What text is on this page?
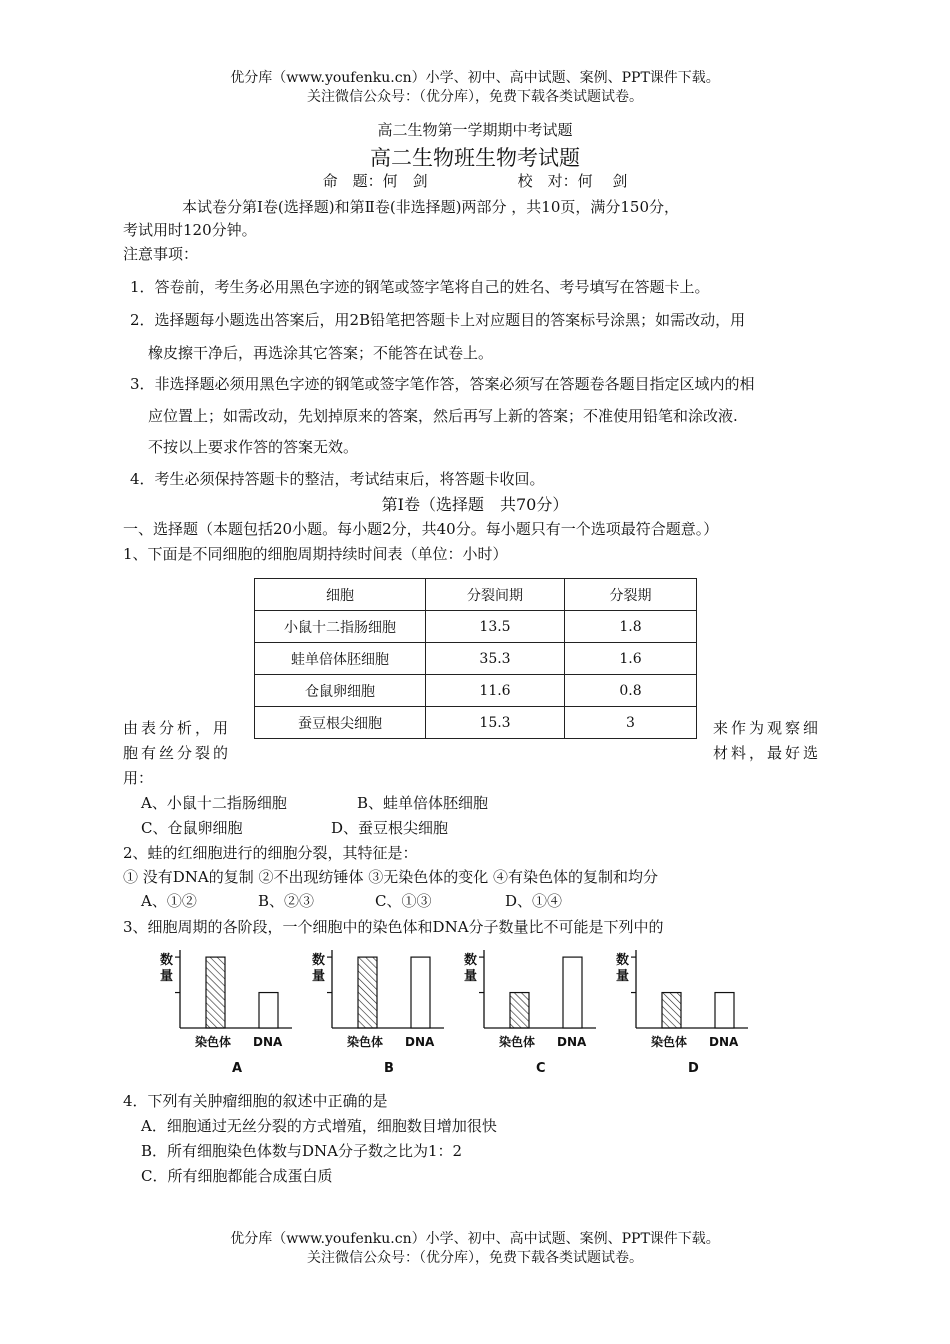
优分库（www.youfenku.cn）小学、初中、高中试题、案例、PPT课件下载。
关注微信公众号：（优分库），免费下载各类试题试卷。
高二生物第一学期期中考试题
高二生物班生物考试题
命　题：何　剑　　　　　　校　对：何　 剑
本试卷分第Ⅰ卷(选择题)和第Ⅱ卷(非选择题)两部分 ，共10页，满分150分，
考试用时120分钟。
注意事项：
1．答卷前，考生务必用黑色字迹的钢笔或签字笔将自己的姓名、考号填写在答题卡上。
2．选择题每小题选出答案后，用2B铅笔把答题卡上对应题目的答案标号涂黑；如需改动，用
橡皮擦干净后，再选涂其它答案；不能答在试卷上。
3．非选择题必须用黑色字迹的钢笔或签字笔作答，答案必须写在答题卷各题目指定区域内的相
应位置上；如需改动，先划掉原来的答案，然后再写上新的答案；不准使用铅笔和涂改液.
不按以上要求作答的答案无效。
4．考生必须保持答题卡的整洁，考试结束后，将答题卡收回。
第Ⅰ卷（选择题　共70分）
一、选择题（本题包括20小题。每小题2分，共40分。每小题只有一个选项最符合题意。）
1、下面是不同细胞的细胞周期持续时间表（单位：小时）
细胞	分裂间期	分裂期
小鼠十二指肠细胞	13.5	1.8
蛙单倍体胚细胞	35.3	1.6
仓鼠卵细胞	11.6	0.8
蚕豆根尖细胞	15.3	3
由表分析，用
胞有丝分裂的
来作为观察细
材料，最好选
用：
A、小鼠十二指肠细胞	B、蛙单倍体胚细胞
C、仓鼠卵细胞	D、蚕豆根尖细胞
2、蛙的红细胞进行的细胞分裂，其特征是：
① 没有DNA的复制 ②不出现纺锤体 ③无染色体的变化 ④有染色体的复制和均分
A、①②	B、②③	C、①③	D、①④
3、细胞周期的各阶段，一个细胞中的染色体和DNA分子数量比不可能是下列中的
数
量
染色体 DNA
A
数
量
染色体 DNA
B
数
量
染色体 DNA
C
数
量
染色体 DNA
D
4．下列有关肿瘤细胞的叙述中正确的是
A．细胞通过无丝分裂的方式增殖，细胞数目增加很快
B．所有细胞染色体数与DNA分子数之比为1：2
C．所有细胞都能合成蛋白质
优分库（www.youfenku.cn）小学、初中、高中试题、案例、PPT课件下载。
关注微信公众号：（优分库），免费下载各类试题试卷。
